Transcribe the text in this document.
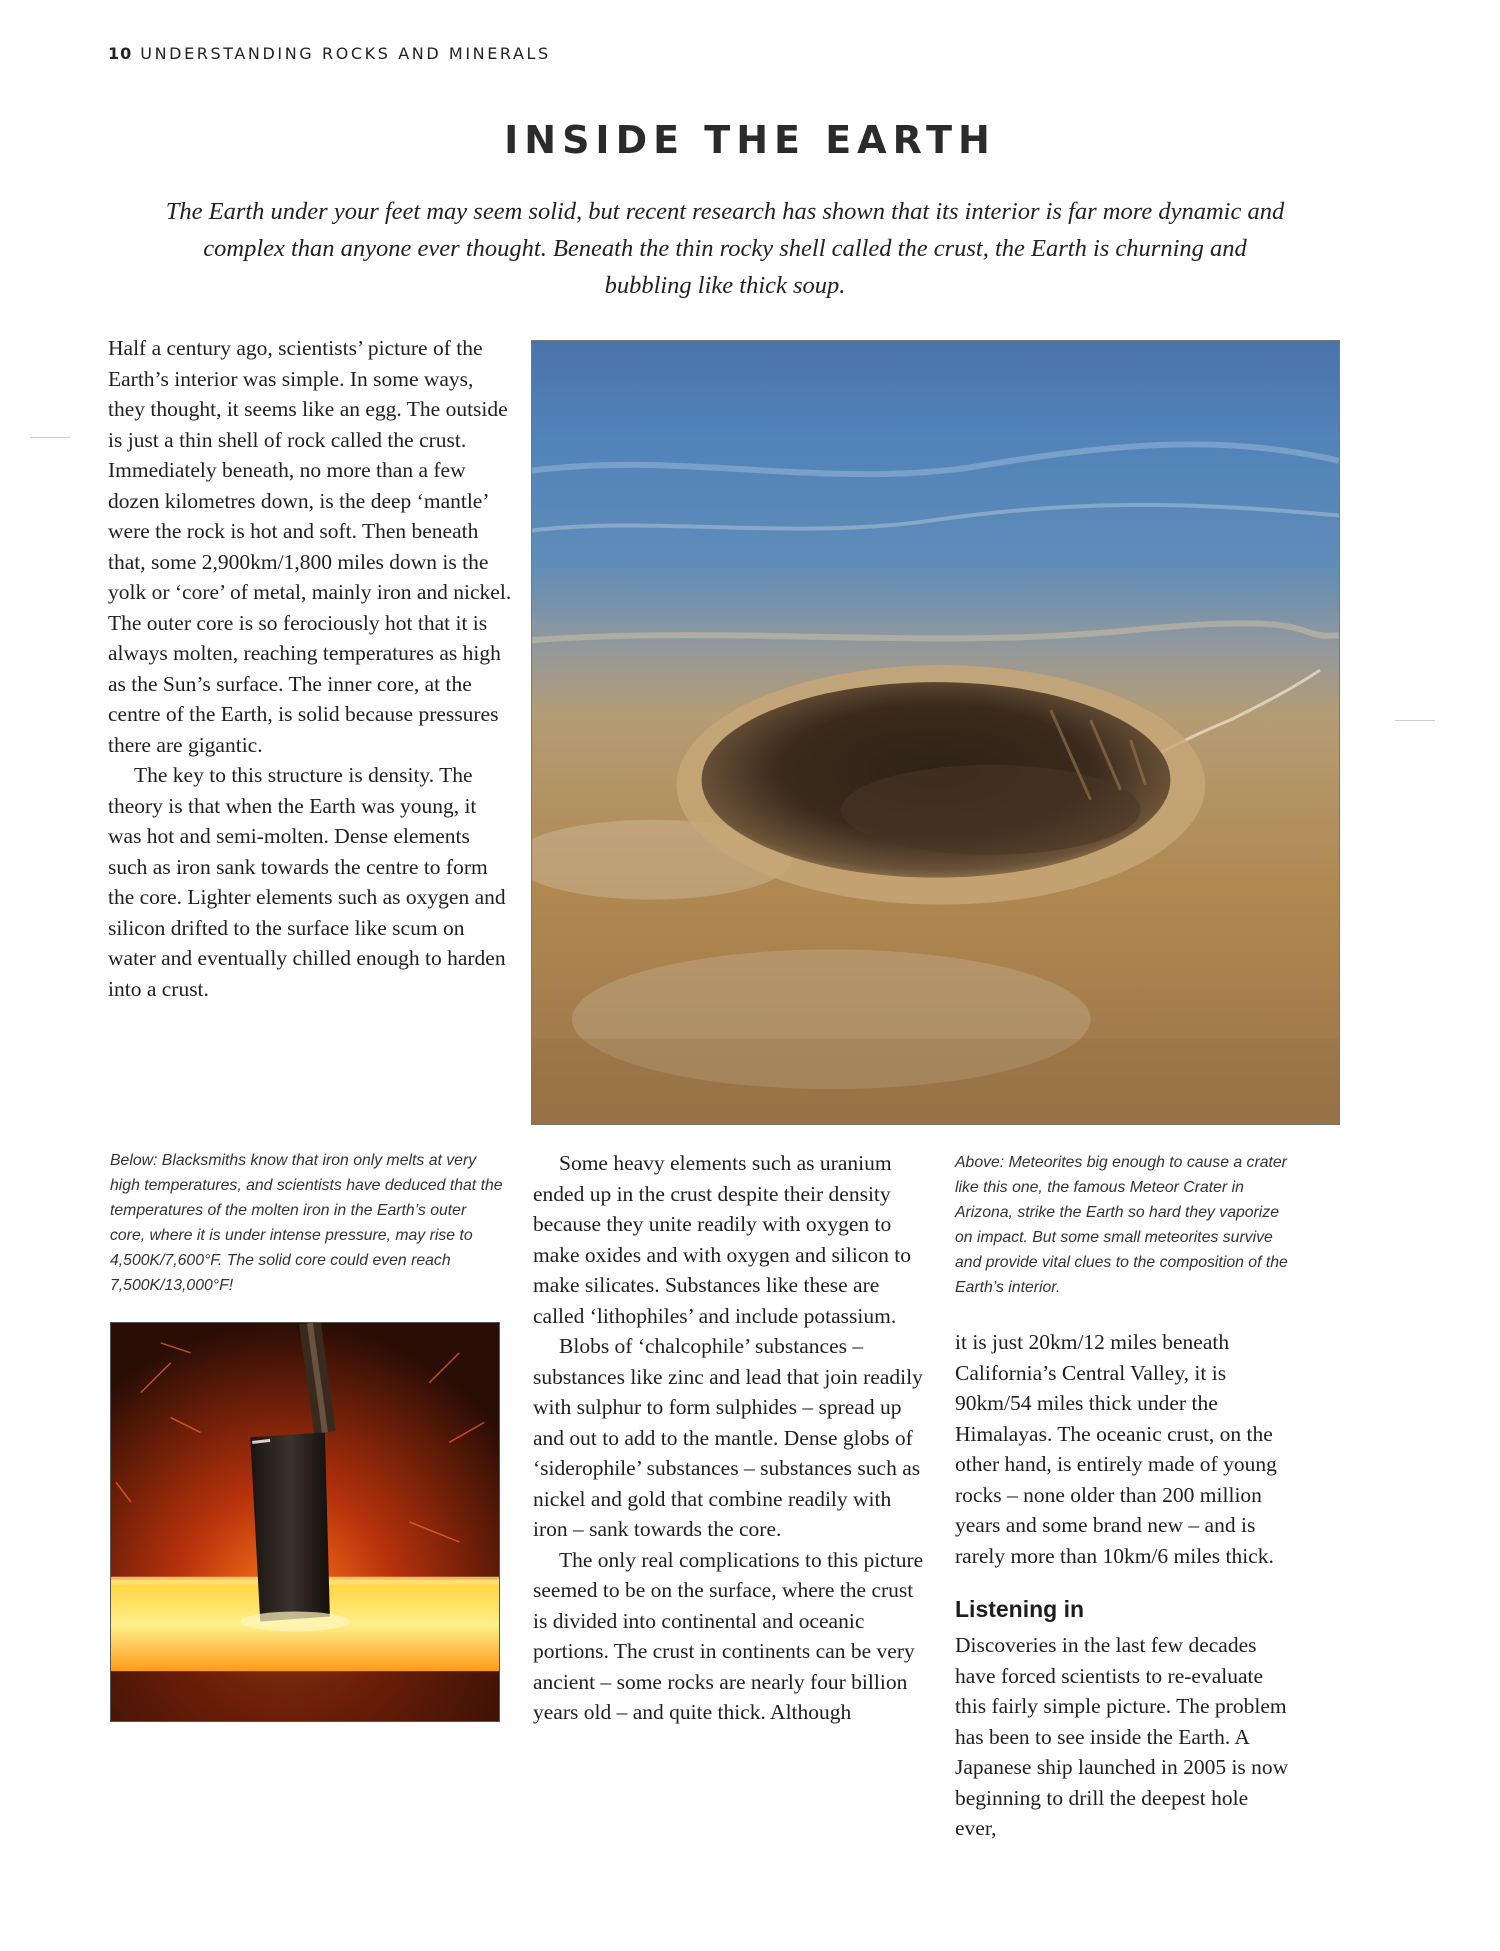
10 UNDERSTANDING ROCKS AND MINERALS
INSIDE THE EARTH

The Earth under your feet may seem solid, but recent research has shown that its interior is far more dynamic and complex than anyone ever thought. Beneath the thin rocky shell called the crust, the Earth is churning and bubbling like thick soup.

Half a century ago, scientists’ picture of the Earth’s interior was simple. In some ways, they thought, it seems like an egg. The outside is just a thin shell of rock called the crust. Immediately beneath, no more than a few dozen kilometres down, is the deep ‘mantle’ were the rock is hot and soft. Then beneath that, some 2,900km/1,800 miles down is the yolk or ‘core’ of metal, mainly iron and nickel. The outer core is so ferociously hot that it is always molten, reaching temperatures as high as the Sun’s surface. The inner core, at the centre of the Earth, is solid because pressures there are gigantic.

The key to this structure is density. The theory is that when the Earth was young, it was hot and semi-molten. Dense elements such as iron sank towards the centre to form the core. Lighter elements such as oxygen and silicon drifted to the surface like scum on water and eventually chilled enough to harden into a crust.

Below: Blacksmiths know that iron only melts at very high temperatures, and scientists have deduced that the temperatures of the molten iron in the Earth’s outer core, where it is under intense pressure, may rise to 4,500K/7,600°F. The solid core could even reach 7,500K/13,000°F!

Some heavy elements such as uranium ended up in the crust despite their density because they unite readily with oxygen to make oxides and with oxygen and silicon to make silicates. Substances like these are called ‘lithophiles’ and include potassium.

Blobs of ‘chalcophile’ substances – substances like zinc and lead that join readily with sulphur to form sulphides – spread up and out to add to the mantle. Dense globs of ‘siderophile’ substances – substances such as nickel and gold that combine readily with iron – sank towards the core.

The only real complications to this picture seemed to be on the surface, where the crust is divided into continental and oceanic portions. The crust in continents can be very ancient – some rocks are nearly four billion years old – and quite thick. Although

Above: Meteorites big enough to cause a crater like this one, the famous Meteor Crater in Arizona, strike the Earth so hard they vaporize on impact. But some small meteorites survive and provide vital clues to the composition of the Earth’s interior.

it is just 20km/12 miles beneath California’s Central Valley, it is 90km/54 miles thick under the Himalayas. The oceanic crust, on the other hand, is entirely made of young rocks – none older than 200 million years and some brand new – and is rarely more than 10km/6 miles thick.

Listening in

Discoveries in the last few decades have forced scientists to re-evaluate this fairly simple picture. The problem has been to see inside the Earth. A Japanese ship launched in 2005 is now beginning to drill the deepest hole ever,
